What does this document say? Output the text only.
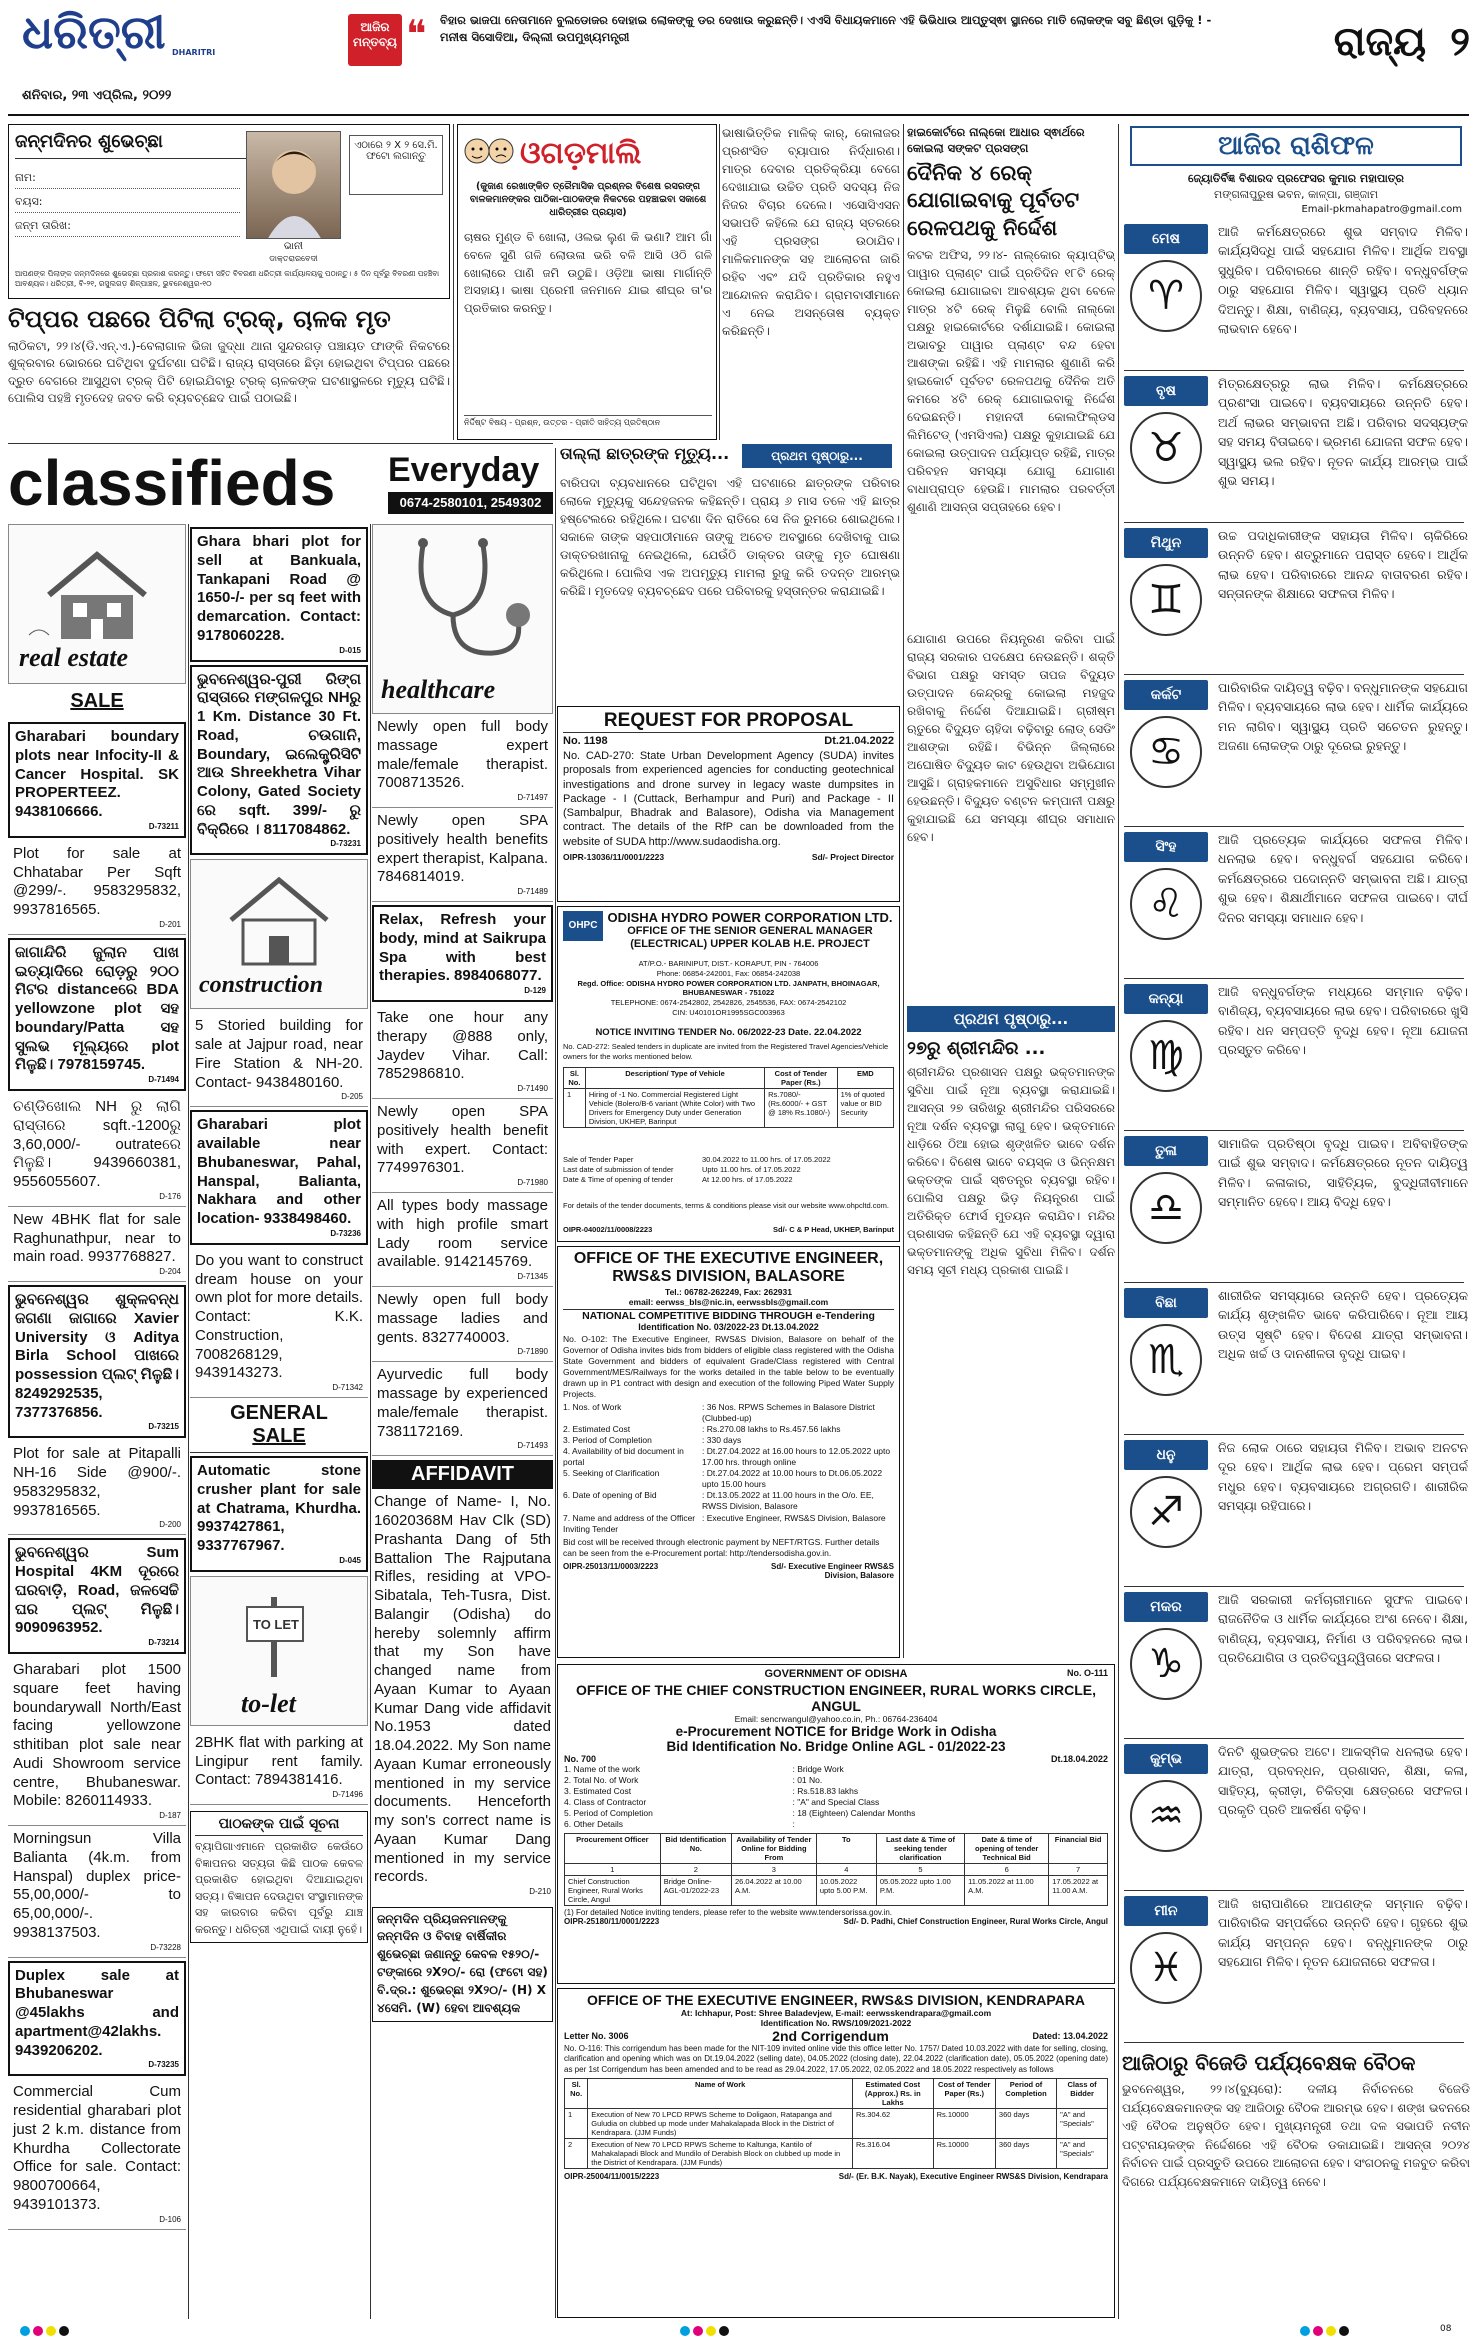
ଧରିତ୍ରୀ DHARITRI
ଶନିବାର, ୨୩ ଏପ୍ରିଲ, ୨୦୨୨
ଆଜିର
ମନ୍ତବ୍ୟ ❝	ବିହାର ଭାଜପା ନେତାମାନେ ବୁଲଡୋଜର ଦୋହାଇ ଲୋକଙ୍କୁ ଡର ଦେଖାଉ କରୁଛନ୍ତି। ଏଏସି ବିଧାୟକମାନେ ଏହି ଭିଭିଧାଉ ଆପ୍ତୁସ୍ଵା ସ୍ଥାନରେ ମାତି ଲୋକଙ୍କ ସବୁ ଛିଣ୍ଡା ଗୁଡ଼ିକୁ ! - ମନୀଷ ସିସୋଦିଆ, ଦିଲ୍ଲୀ ଉପମୁଖ୍ୟମନ୍ତ୍ରୀ	ରାଜ୍ୟ ୨
ଜନ୍ମଦିନର ଶୁଭେଚ୍ଛା
ନାମ:
ବୟସ:
ଜନ୍ମ ତାରିଖ:
ଭାନୀ
ଡାକ୍ତରାରବେଦୀ
ଏଠାରେ ୨ X ୨ ସେ.ମି. ଫଟୋ ଲଗାନ୍ତୁ
ଆପଣଙ୍କ ପିଲାଙ୍କ ଜନ୍ମଦିନରେ ଶୁଭେଚ୍ଛା ପ୍ରକାଶ କରନ୍ତୁ। ଫଟୋ ସହିତ ବିବରଣୀ ଧରିତ୍ରୀ କାର୍ଯ୍ୟାଳୟକୁ ପଠାନ୍ତୁ। ୫ ଦିନ ପୂର୍ବରୁ ବିବରଣୀ ପହଞ୍ଚିବା ଆବଶ୍ୟକ। ଧରିତ୍ରୀ, ବି-୨୧, ରସୁଲଗଡ଼ ଶିଳ୍ପାଞ୍ଚଳ, ଭୁବନେଶ୍ୱର-୧୦
ଟିପ୍ପର ପଛରେ ପିଟିଲା ଟ୍ରକ୍, ଚାଳକ ମୃତ
ଲାଠିକଟା, ୨୨।୪(ଡି.ଏନ୍.ଏ.)-ବେଲାଗାଳ ଭିଜା ଜୁଦ୍ଧା ଥାନା ସୁନ୍ଦରଗଡ଼ ପଞ୍ଚାୟତ ଫାଙ୍କି ନିକଟରେ ଶୁକ୍ରବାର ଭୋରରେ ଘଟିଥିବା ଦୁର୍ଘଟଣା ଘଟିଛି। ରାଜ୍ୟ ରାସ୍ତାରେ ଛିଡ଼ା ହୋଇଥିବା ଟିପ୍ପର ପଛରେ ଦ୍ରୁତ ବେଗରେ ଆସୁଥିବା ଟ୍ରକ୍ ପିଟି ହୋଇଯିବାରୁ ଟ୍ରକ୍ ଚାଳକଙ୍କ ଘଟଣାସ୍ଥଳରେ ମୃତ୍ୟୁ ଘଟିଛି। ପୋଲିସ ପହଞ୍ଚି ମୃତଦେହ ଜବତ କରି ବ୍ୟବଚ୍ଛେଦ ପାଇଁ ପଠାଇଛି।
ଓଗଡ଼ମାଲି
(କୁଜାଣ ରେଖାଙ୍କିତ ତ୍ରୈମାସିକ ପ୍ରଶ୍ନର ବିଶେଷ ରସରଙ୍ଗ ବାଳକମାନଙ୍କର ପାଠିକା-ପାଠକଙ୍କ ନିକଟରେ ପହଞ୍ଚାଇବା ସକାଶେ ଧାରିତ୍ରୀର ପ୍ରୟାସ)
ଚାଷର ମୁଣ୍ଡ ବି ଖୋଲା, ଓଲଭ ଲୁଣ କି ଭଣା? ଆମ ଗାଁ ବେଳେ ସୁଣି ଗଳି ଲୋଉଳା ଭରି ବଳି ଆସି ଓଠି ଗଳି ଖୋଲାରେ ପାଣି ଜମି ଉଠୁଛି। ଓଡ଼ିଆ ଭାଷା ମାର୍ଗାନ୍ତି ଅସହାୟ। ଭାଷା ପ୍ରେମୀ ଜନମାନେ ଯାଇ ଶୀଘ୍ର ତା'ର ପ୍ରତିକାର କରନ୍ତୁ।
ନିର୍ଦ୍ଦିଷ୍ଟ ବିଷୟ - ପ୍ରଶ୍ନ, ଉତ୍ତର - ପ୍ରୀତି ସାହିତ୍ୟ ପ୍ରତିଷ୍ଠାନ
ଭାଷାଭିତ୍ତିକ ମାଳିକ୍ କାର୍, କୋଳାଜର ପ୍ରଶଂସିତ ବ୍ୟାପାର ନିର୍ଦ୍ଧାରଣ। ମାତ୍ର ଦେବାର ପ୍ରତିକ୍ରିୟା ବେଗେ ଦେଖାଯାଇ ଉଚ୍ଚିତ ପ୍ରତି ସଦସ୍ୟ ନିଜ ନିଜର ବିଚାର ଦେଲେ। ଏସୋସିଏସନ ସଭାପତି କହିଲେ ଯେ ରାଜ୍ୟ ସ୍ତରରେ ଏହି ପ୍ରସଙ୍ଗ ଉଠାଯିବ। ମାଳିକମାନଙ୍କ ସହ ଆଲୋଚନା ଜାରି ରହିବ ଏବଂ ଯଦି ପ୍ରତିକାର ନହୁଏ ଆନ୍ଦୋଳନ କରାଯିବ। ଗ୍ରାମବାସୀମାନେ ଏ ନେଇ ଅସନ୍ତୋଷ ବ୍ୟକ୍ତ କରିଛନ୍ତି।
ହାଇକୋର୍ଟରେ ନାଲ୍କୋ ଆଧାର ସ୍ଵାର୍ଥରେ କୋଇଲା ସଙ୍କଟ ପ୍ରସଙ୍ଗ
ଦୈନିକ ୪ ରେକ୍ ଯୋଗାଇବାକୁ ପୂର୍ବତଟ ରେଳପଥକୁ ନିର୍ଦ୍ଦେଶ
କଟକ ଅଫିସ, ୨୨।୪- ନାଲ୍କୋର କ୍ୟାପ୍ଟିଭ୍ ପାୱାର ପ୍ଲାଣ୍ଟ ପାଇଁ ପ୍ରତିଦିନ ୧୮ଟି ରେକ୍ କୋଇଲା ଯୋଗାଇବା ଆବଶ୍ୟକ ଥିବା ବେଳେ ମାତ୍ର ୪ଟି ରେକ୍ ମିଳୁଛି ବୋଲି ନାଲ୍କୋ ପକ୍ଷରୁ ହାଇକୋର୍ଟରେ ଦର୍ଶାଯାଇଛି। କୋଇଲା ଅଭାବରୁ ପାୱାର ପ୍ଲାଣ୍ଟ ବନ୍ଦ ହେବା ଆଶଙ୍କା ରହିଛି। ଏହି ମାମଲାର ଶୁଣାଣି କରି ହାଇକୋର୍ଟ ପୂର୍ବତଟ ରେଳପଥକୁ ଦୈନିକ ଅତି କମରେ ୪ଟି ରେକ୍ ଯୋଗାଇବାକୁ ନିର୍ଦ୍ଦେଶ ଦେଇଛନ୍ତି। ମହାନଦୀ କୋଲଫିଲ୍ଡସ ଲିମିଟେଡ୍ (ଏମସିଏଲ) ପକ୍ଷରୁ କୁହାଯାଇଛି ଯେ କୋଇଲା ଉତ୍ପାଦନ ପର୍ଯ୍ୟାପ୍ତ ରହିଛି, ମାତ୍ର ପରିବହନ ସମସ୍ୟା ଯୋଗୁ ଯୋଗାଣ ବାଧାପ୍ରାପ୍ତ ହେଉଛି। ମାମଲାର ପରବର୍ତ୍ତୀ ଶୁଣାଣି ଆସନ୍ତା ସପ୍ତାହରେ ହେବ।
ତାଲ୍ଲା ଛାତ୍ରଙ୍କ ମୃତ୍ୟୁ...	ପ୍ରଥମ ପୃଷ୍ଠାରୁ...
ବାରିପଦା ବ୍ୟବଧାନରେ ଘଟିଥିବା ଏହି ଘଟଣାରେ ଛାତ୍ରଙ୍କ ପରିବାର ଲୋକେ ମୃତ୍ୟୁକୁ ସନ୍ଦେହଜନକ କହିଛନ୍ତି। ପ୍ରାୟ ୬ ମାସ ତଳେ ଏହି ଛାତ୍ର ହଷ୍ଟେଲରେ ରହିଥିଲେ। ଘଟଣା ଦିନ ରାତିରେ ସେ ନିଜ ରୁମରେ ଶୋଇଥିଲେ। ସକାଳେ ତାଙ୍କ ସହପାଠୀମାନେ ତାଙ୍କୁ ଅଚେତ ଅବସ୍ଥାରେ ଦେଖିବାକୁ ପାଇ ଡାକ୍ତରଖାନାକୁ ନେଇଥିଲେ, ଯେଉଁଠି ଡାକ୍ତର ତାଙ୍କୁ ମୃତ ଘୋଷଣା କରିଥିଲେ। ପୋଲିସ ଏକ ଅପମୃତ୍ୟୁ ମାମଲା ରୁଜୁ କରି ତଦନ୍ତ ଆରମ୍ଭ କରିଛି। ମୃତଦେହ ବ୍ୟବଚ୍ଛେଦ ପରେ ପରିବାରକୁ ହସ୍ତାନ୍ତର କରାଯାଇଛି।
classifieds	Everyday
0674-2580101, 2549302
real estate
SALE

Gharabari boundary plots near Infocity-II & Cancer Hospital. SK PROPERTEEZ. 9438106666.

D-73211

Plot for sale at Chhatabar Per Sqft @299/-. 9583295832, 9937816565.

D-201

ଜାଗାନ୍ଦିରି ଜୁଲାନ ପାଖ ଇତ୍ୟାଦିରେ ରୋଡ଼ରୁ ୨୦୦ ମିଟର distanceରେ BDA yellowzone plot ସହ boundary/Patta ସହ ସୁଲଭ ମୂଲ୍ୟରେ plot ମିଳୁଛି। 7978159745.

D-71494

ଚଣ୍ଡିଖୋଲ NH ରୁ ଲାଗି ରାସ୍ତାରେ sqft.-1200ରୁ 3,60,000/- outrateରେ ମିଳୁଛି। 9439660381, 9556055607.

D-176

New 4BHK flat for sale Raghunathpur, near to main road. 9937768827.

D-204

ଭୁବନେଶ୍ୱର ଶୁକ୍ଳବନ୍ଧ ଜଗଣା ଜାଗାରେ Xavier University ଓ Aditya Birla School ପାଖରେ possession ପ୍ଲଟ୍ ମିଳୁଛି। 8249292535, 7377376856.

D-73215

Plot for sale at Pitapalli NH-16 Side @900/-. 9583295832, 9937816565.

D-200

ଭୁବନେଶ୍ୱର Sum Hospital 4KM ଦୂରରେ ଘରବାଡ଼ି, Road, ଜଳସେଚ୍ଚି ଘର ପ୍ଲଟ୍ ମିଳୁଛି। 9090963952.

D-73214

Gharabari plot 1500 square feet having boundarywall North/East facing yellowzone sthitiban plot sale near Audi Showroom service centre, Bhubaneswar. Mobile: 8260114933.

D-187

Morningsun Villa Balianta (4k.m. from Hanspal) duplex price- 55,00,000/- to 65,00,000/-. 9938137503.

D-73228

Duplex sale at Bhubaneswar @45lakhs and apartment@42lakhs. 9439206202.

D-73235

Commercial Cum residential gharabari plot just 2 k.m. distance from Khurdha Collectorate Office for sale. Contact: 9800700664, 9439101373.

D-106

Ghara bhari plot for sell at Bankuala, Tankapani Road @ 1650-/- per sq feet with demarcation. Contact: 9178060228.

D-015

ଭୁବନେଶ୍ୱର-ପୁରୀ ରିଙ୍ଗ ରାସ୍ତାରେ ମଙ୍ଗଳପୁର NHରୁ 1 Km. Distance 30 Ft. Road, ଚଉଗାନି, Boundary, ଇଲେକ୍ଟ୍ରିସିଟି ଆଉ Shreekhetra Vihar Colony, Gated Society ରେ sqft. 399/- ରୁ ବିକ୍ରିରେ । 8117084862.

D-73231
construction

5 Storied building for sale at Jajpur road, near Fire Station & NH-20. Contact- 9438480160.

D-205

Gharabari plot available near Bhubaneswar, Pahal, Hanspal, Balianta, Nakhara and other location- 9338498460.

D-73236

Do you want to construct dream house on your own plot for more details. Contact: K.K. Construction, 7008268129, 9439143273.

D-71342
GENERAL
SALE

Automatic stone crusher plant for sale at Chatrama, Khurdha. 9937427861, 9337767967.

D-045
TO LET
to-let

2BHK flat with parking at Lingipur rent family. Contact: 7894381416.

D-71496
ପାଠକଙ୍କ ପାଇଁ ସୂଚନା
ବ୍ୟାପିଗାଏମାନେ ପ୍ରକାଶିତ କେଉଁଠେ ବିଜ୍ଞାପନର ସତ୍ୟତା କିଛି ପାଠକ କେବଳ ପ୍ରକାଶିତ ହୋଇଥିବା ଦିଆଯାଇଥିବା ସତ୍ୟ। ବିଜ୍ଞାପନ ଦେଉଥିବା ସଂସ୍ଥାମାନଙ୍କ ସହ କାରବାର କରିବା ପୂର୍ବରୁ ଯାଞ୍ଚ କରନ୍ତୁ। ଧରିତ୍ରୀ ଏଥିପାଇଁ ଦାୟୀ ନୁହେଁ।
healthcare

Newly open full body massage expert male/female therapist. 7008713526.

D-71497

Newly open SPA positively health benefits expert therapist, Kalpana. 7846814019.

D-71489

Relax, Refresh your body, mind at Saikrupa Spa with best therapies. 8984068077.

D-129

Take one hour any therapy @888 only, Jaydev Vihar. Call: 7852986810.

D-71490

Newly open SPA positively health benefit with expert. Contact: 7749976301.

D-71980

All types body massage with high profile smart Lady room service available. 9142145769.

D-71345

Newly open full body massage ladies and gents. 8327740003.

D-71890

Ayurvedic full body massage by experienced male/female therapist. 7381172169.

D-71493
AFFIDAVIT

Change of Name- I, No. 16020368M Hav Clk (SD) Prashanta Dang of 5th Battalion The Rajputana Rifles, residing at VPO-Sibatala, Teh-Tusra, Dist. Balangir (Odisha) do hereby solemnly affirm that my Son have changed name from Ayaan Kumar to Ayaan Kumar Dang vide affidavit No.1953 dated 18.04.2022. My Son name Ayaan Kumar erroneously mentioned in my service documents. Henceforth my son's correct name is Ayaan Kumar Dang mentioned in my service records.

D-210
ଜନ୍ମଦିନ ପ୍ରିୟଜନମାନଙ୍କୁ
ଜନ୍ମଦିନ ଓ ବିବାହ ବାର୍ଷିକୀର ଶୁଭେଚ୍ଛା ଜଣାନ୍ତୁ କେବଳ ୧୫୨୦/- ଟଙ୍କାରେ ୨X୨୦/- ରୋ (ଫଟୋ ସହ) ବି.ଦ୍ର.: ଶୁଭେଚ୍ଛା ୨X୨୦/- (H) X ୪ସେମି. (W) ହେବା ଆବଶ୍ୟକ
REQUEST FOR PROPOSAL
No. 1198	Dt.21.04.2022
No. CAD-270: State Urban Development Agency (SUDA) invites proposals from experienced agencies for conducting geotechnical investigations and drone survey in legacy waste dumpsites in Package - I (Cuttack, Berhampur and Puri) and Package - II (Sambalpur, Bhadrak and Balasore), Odisha via Management contract. The details of the RfP can be downloaded from the website of SUDA http://www.sudaodisha.org.
OIPR-13036/11/0001/2223	Sd/- Project Director
OHPC
ODISHA HYDRO POWER CORPORATION LTD.
OFFICE OF THE SENIOR GENERAL MANAGER (ELECTRICAL) UPPER KOLAB H.E. PROJECT
AT/P.O.- BARINIPUT, DIST.- KORAPUT, PIN - 764006
Phone: 06854-242001, Fax: 06854-242038
Regd. Office: ODISHA HYDRO POWER CORPORATION LTD. JANPATH, BHOINAGAR, BHUBANESWAR - 751022
TELEPHONE: 0674-2542802, 2542826, 2545536, FAX: 0674-2542102
CIN: U40101OR1995SGC003963
NOTICE INVITING TENDER No. 06/2022-23 Date. 22.04.2022
No. CAD-272: Sealed tenders in duplicate are invited from the Registered Travel Agencies/Vehicle owners for the works mentioned below.
Sl. No.	Description/ Type of Vehicle	Cost of Tender Paper (Rs.)	EMD
1	Hiring of -1 No. Commercial Registered Light Vehicle (Bolero/B-6 variant (White Color) with Two Drivers for Emergency Duty under Generation Division, UKHEP, Barinput	Rs.7080/- (Rs.6000/- + GST @ 18% Rs.1080/-)	1% of quoted value or BID Security
Sale of Tender Paper	30.04.2022 to 11.00 hrs. of 17.05.2022
Last date of submission of tender	Upto 11.00 hrs. of 17.05.2022
Date & Time of opening of tender	At 12.00 hrs. of 17.05.2022
For details of the tender documents, terms & conditions please visit our website www.ohpcltd.com.
OIPR-04002/11/0008/2223	Sd/- C & P Head, UKHEP, Barinput
OFFICE OF THE EXECUTIVE ENGINEER, RWS&S DIVISION, BALASORE
Tel.: 06782-262249, Fax: 262931
email: eerwss_bls@nic.in, eerwssbls@gmail.com
NATIONAL COMPETITIVE BIDDING THROUGH e-Tendering
Identification No. 03/2022-23 Dt.13.04.2022
No. O-102: The Executive Engineer, RWS&S Division, Balasore on behalf of the Governor of Odisha invites bids from bidders of eligible class registered with the Odisha State Government and bidders of equivalent Grade/Class registered with Central Government/MES/Railways for the works detailed in the table below to be eventually drawn up in P1 contract with design and execution of the following Piped Water Supply Projects.
1. Nos. of Work	: 36 Nos. RPWS Schemes in Balasore District (Clubbed-up)
2. Estimated Cost	: Rs.270.08 lakhs to Rs.457.56 lakhs
3. Period of Completion	: 330 days
4. Availability of bid document in portal
: Dt.27.04.2022 at 16.00 hours to 12.05.2022 upto 17.00 hrs. through online
5. Seeking of Clarification	: Dt.27.04.2022 at 10.00 hours to Dt.06.05.2022 upto 15.00 hours
6. Date of opening of Bid	: Dt.13.05.2022 at 11.00 hours in the O/o. EE, RWSS Division, Balasore
7. Name and address of the Officer Inviting Tender
: Executive Engineer, RWS&S Division, Balasore
Bid cost will be received through electronic payment by NEFT/RTGS. Further details can be seen from the e-Procurement portal: http://tendersodisha.gov.in.
OIPR-25013/11/0003/2223	Sd/- Executive Engineer RWS&S Division, Balasore
ଯୋଗାଣ ଉପରେ ନିୟନ୍ତ୍ରଣ କରିବା ପାଇଁ ରାଜ୍ୟ ସରକାର ପଦକ୍ଷେପ ନେଉଛନ୍ତି। ଶକ୍ତି ବିଭାଗ ପକ୍ଷରୁ ସମସ୍ତ ତାପଜ ବିଦ୍ୟୁତ ଉତ୍ପାଦନ କେନ୍ଦ୍ରକୁ କୋଇଲା ମହଜୁଦ ରଖିବାକୁ ନିର୍ଦ୍ଦେଶ ଦିଆଯାଇଛି। ଗ୍ରୀଷ୍ମ ଋତୁରେ ବିଦ୍ୟୁତ ଚାହିଦା ବଢ଼ିବାରୁ ଲୋଡ୍ ସେଡିଂ ଆଶଙ୍କା ରହିଛି। ବିଭିନ୍ନ ଜିଲ୍ଲାରେ ଅଘୋଷିତ ବିଦ୍ୟୁତ କାଟ ହେଉଥିବା ଅଭିଯୋଗ ଆସୁଛି। ଗ୍ରାହକମାନେ ଅସୁବିଧାର ସମ୍ମୁଖୀନ ହେଉଛନ୍ତି। ବିଦ୍ୟୁତ ବଣ୍ଟନ କମ୍ପାନୀ ପକ୍ଷରୁ କୁହାଯାଇଛି ଯେ ସମସ୍ୟା ଶୀଘ୍ର ସମାଧାନ ହେବ।
ପ୍ରଥମ ପୃଷ୍ଠାରୁ...
୨୭ରୁ ଶ୍ରୀମନ୍ଦିର ...
ଶ୍ରୀମନ୍ଦିର ପ୍ରଶାସନ ପକ୍ଷରୁ ଭକ୍ତମାନଙ୍କ ସୁବିଧା ପାଇଁ ନୂଆ ବ୍ୟବସ୍ଥା କରାଯାଇଛି। ଆସନ୍ତା ୨୭ ତାରିଖରୁ ଶ୍ରୀମନ୍ଦିର ପରିସରରେ ନୂଆ ଦର୍ଶନ ବ୍ୟବସ୍ଥା ଲାଗୁ ହେବ। ଭକ୍ତମାନେ ଧାଡ଼ିରେ ଠିଆ ହୋଇ ଶୃଙ୍ଖଳିତ ଭାବେ ଦର୍ଶନ କରିବେ। ବିଶେଷ ଭାବେ ବୟସ୍କ ଓ ଭିନ୍ନକ୍ଷମ ଭକ୍ତଙ୍କ ପାଇଁ ସ୍ଵତନ୍ତ୍ର ବ୍ୟବସ୍ଥା ରହିବ। ପୋଲିସ ପକ୍ଷରୁ ଭିଡ଼ ନିୟନ୍ତ୍ରଣ ପାଇଁ ଅତିରିକ୍ତ ଫୋର୍ସ ମୁତୟନ କରାଯିବ। ମନ୍ଦିର ପ୍ରଶାସକ କହିଛନ୍ତି ଯେ ଏହି ବ୍ୟବସ୍ଥା ଦ୍ୱାରା ଭକ୍ତମାନଙ୍କୁ ଅଧିକ ସୁବିଧା ମିଳିବ। ଦର୍ଶନ ସମୟ ସୂଚୀ ମଧ୍ୟ ପ୍ରକାଶ ପାଇଛି।
GOVERNMENT OF ODISHA	No. O-111
OFFICE OF THE CHIEF CONSTRUCTION ENGINEER, RURAL WORKS CIRCLE, ANGUL
Email: sencrwangul@yahoo.co.in, Ph.: 06764-236404
e-Procurement NOTICE for Bridge Work in Odisha
Bid Identification No. Bridge Online AGL - 01/2022-23
No. 700	Dt.18.04.2022
1. Name of the work	: Bridge Work
2. Total No. of Work	: 01 No.
3. Estimated Cost	: Rs.518.83 lakhs
4. Class of Contractor	: "A" and Special Class
5. Period of Completion	: 18 (Eighteen) Calendar Months
6. Other Details	:
Procurement Officer	Bid Identification No.	Availability of Tender Online for Bidding From	To	Last date & Time of seeking tender clarification	Date & time of opening of tender Technical Bid	Financial Bid
1	2	3	4	5	6	7
Chief Construction Engineer, Rural Works Circle, Angul	Bridge Online-AGL-01/2022-23	26.04.2022 at 10.00 A.M.	10.05.2022 upto 5.00 P.M.	05.05.2022 upto 1.00 P.M.	11.05.2022 at 11.00 A.M.	17.05.2022 at 11.00 A.M.
(1) For detailed Notice inviting tenders, please refer to the website www.tendersorissa.gov.in.
OIPR-25180/11/0001/2223	Sd/- D. Padhi, Chief Construction Engineer, Rural Works Circle, Angul
OFFICE OF THE EXECUTIVE ENGINEER, RWS&S DIVISION, KENDRAPARA
At: Ichhapur, Post: Shree Baladevjew, E-mail: eerwsskendrapara@gmail.com
Identification No. RWS/109/2021-2022
Letter No. 3006	2nd Corrigendum	Dated: 13.04.2022
No. O-116: This corrigendum has been made for the NIT-109 invited online vide this office letter No. 1757/ Dated 10.03.2022 with date for selling, closing, clarification and opening which was on Dt.19.04.2022 (selling date), 04.05.2022 (closing date), 22.04.2022 (clarification date), 05.05.2022 (opening date) as per 1st Corrigendum has been amended and to be read as 29.04.2022, 17.05.2022, 02.05.2022 and 18.05.2022 respectively as follows
Sl. No.	Name of Work	Estimated Cost (Approx.) Rs. in Lakhs	Cost of Tender Paper (Rs.)	Period of Completion	Class of Bidder
1	Execution of New 70 LPCD RPWS Scheme to Doligaon, Ratapanga and Guludia on clubbed up mode under Mahakalapada Block in the District of Kendrapara. (JJM Funds)	Rs.304.62	Rs.10000	360 days	"A" and "Specials"
2	Execution of New 70 LPCD RPWS Scheme to Kaltunga, Kantilo of Mahakalapadi Block and Mundilo of Derabish Block on clubbed up mode in the District of Kendrapara. (JJM Funds)	Rs.316.04	Rs.10000	360 days	"A" and "Specials"
OIPR-25004/11/0015/2223	Sd/- (Er. B.K. Nayak), Executive Engineer RWS&S Division, Kendrapara
ଆଜିର ରାଶିଫଳ
ଜ୍ୟୋତିର୍ବିଜ୍ଞ ବିଶାରଦ ପ୍ରଫେସର କୁମାର ମହାପାତ୍ର
ମଙ୍ଗଳାପୁରୁଷ ଭବନ, କାଳ୍ପା, ଗଞ୍ଜାମ
Email-pkmahapatro@gmail.com
ମେଷ
♈
ଆଜି କର୍ମକ୍ଷେତ୍ରରେ ଶୁଭ ସମ୍ବାଦ ମିଳିବ। କାର୍ଯ୍ୟସିଦ୍ଧି ପାଇଁ ସହଯୋଗ ମିଳିବ। ଆର୍ଥିକ ଅବସ୍ଥା ସୁଧୁରିବ। ପରିବାରରେ ଶାନ୍ତି ରହିବ। ବନ୍ଧୁବର୍ଗଙ୍କ ଠାରୁ ସହଯୋଗ ମିଳିବ। ସ୍ୱାସ୍ଥ୍ୟ ପ୍ରତି ଧ୍ୟାନ ଦିଅନ୍ତୁ। ଶିକ୍ଷା, ବାଣିଜ୍ୟ, ବ୍ୟବସାୟ, ପରିବହନରେ ଲାଭବାନ ହେବେ।
ବୃଷ
♉
ମିତ୍ରକ୍ଷେତ୍ରରୁ ଲାଭ ମିଳିବ। କର୍ମକ୍ଷେତ୍ରରେ ପ୍ରଶଂସା ପାଇବେ। ବ୍ୟବସାୟରେ ଉନ୍ନତି ହେବ। ଅର୍ଥ ଲାଭର ସମ୍ଭାବନା ଅଛି। ପରିବାର ସଦସ୍ୟଙ୍କ ସହ ସମୟ ବିତାଇବେ। ଭ୍ରମଣ ଯୋଜନା ସଫଳ ହେବ। ସ୍ୱାସ୍ଥ୍ୟ ଭଲ ରହିବ। ନୂତନ କାର୍ଯ୍ୟ ଆରମ୍ଭ ପାଇଁ ଶୁଭ ସମୟ।
ମିଥୁନ
♊
ଉଚ୍ଚ ପଦାଧିକାରୀଙ୍କ ସହାୟତା ମିଳିବ। ଚାକିରିରେ ଉନ୍ନତି ହେବ। ଶତ୍ରୁମାନେ ପରାସ୍ତ ହେବେ। ଆର୍ଥିକ ଲାଭ ହେବ। ପରିବାରରେ ଆନନ୍ଦ ବାତାବରଣ ରହିବ। ସନ୍ତାନଙ୍କ ଶିକ୍ଷାରେ ସଫଳତା ମିଳିବ।
କର୍କଟ
♋
ପାରିବାରିକ ଦାୟିତ୍ୱ ବଢ଼ିବ। ବନ୍ଧୁମାନଙ୍କ ସହଯୋଗ ମିଳିବ। ବ୍ୟବସାୟରେ ଲାଭ ହେବ। ଧାର୍ମିକ କାର୍ଯ୍ୟରେ ମନ ଲାଗିବ। ସ୍ୱାସ୍ଥ୍ୟ ପ୍ରତି ସଚେତନ ରୁହନ୍ତୁ। ଅଜଣା ଲୋକଙ୍କ ଠାରୁ ଦୂରେଇ ରୁହନ୍ତୁ।
ସିଂହ
♌
ଆଜି ପ୍ରତ୍ୟେକ କାର୍ଯ୍ୟରେ ସଫଳତା ମିଳିବ। ଧନଲାଭ ହେବ। ବନ୍ଧୁବର୍ଗ ସହଯୋଗ କରିବେ। କର୍ମକ୍ଷେତ୍ରରେ ପଦୋନ୍ନତି ସମ୍ଭାବନା ଅଛି। ଯାତ୍ରା ଶୁଭ ହେବ। ଶିକ୍ଷାର୍ଥୀମାନେ ସଫଳତା ପାଇବେ। ଦୀର୍ଘ ଦିନର ସମସ୍ୟା ସମାଧାନ ହେବ।
କନ୍ୟା
♍
ଆଜି ବନ୍ଧୁବର୍ଗଙ୍କ ମଧ୍ୟରେ ସମ୍ମାନ ବଢ଼ିବ। ବାଣିଜ୍ୟ, ବ୍ୟବସାୟରେ ଲାଭ ହେବ। ପରିବାରରେ ଖୁସି ରହିବ। ଧନ ସମ୍ପତ୍ତି ବୃଦ୍ଧି ହେବ। ନୂଆ ଯୋଜନା ପ୍ରସ୍ତୁତ କରିବେ।
ତୁଳା
♎
ସାମାଜିକ ପ୍ରତିଷ୍ଠା ବୃଦ୍ଧି ପାଇବ। ଅବିବାହିତଙ୍କ ପାଇଁ ଶୁଭ ସମ୍ବାଦ। କର୍ମକ୍ଷେତ୍ରରେ ନୂତନ ଦାୟିତ୍ୱ ମିଳିବ। କଳାକାର, ସାହିତ୍ୟିକ, ବୁଦ୍ଧିଜୀବୀମାନେ ସମ୍ମାନିତ ହେବେ। ଆୟ ବିଦ୍ଧି ହେବ।
ବିଛା
♏
ଶାରୀରିକ ସମସ୍ୟାରେ ଉନ୍ନତି ହେବ। ପ୍ରତ୍ୟେକ କାର୍ଯ୍ୟ ଶୃଙ୍ଖଳିତ ଭାବେ କରିପାରିବେ। ନୂଆ ଆୟ ଉତ୍ସ ସୃଷ୍ଟି ହେବ। ବିଦେଶ ଯାତ୍ରା ସମ୍ଭାବନା। ଅଧିକ ଖର୍ଚ୍ଚ ଓ ଦାନଶୀଳତା ବୃଦ୍ଧି ପାଇବ।
ଧନୁ
♐
ନିଜ ଲୋକ ଠାରେ ସହାୟତା ମିଳିବ। ଅଭାବ ଅନଟନ ଦୂର ହେବ। ଆର୍ଥିକ ଲାଭ ହେବ। ପ୍ରେମ ସମ୍ପର୍କ ମଧୁର ହେବ। ବ୍ୟବସାୟରେ ଅଗ୍ରଗତି। ଶାରୀରିକ ସମସ୍ୟା ରହିପାରେ।
ମକର
♑
ଆଜି ସରକାରୀ କର୍ମଚାରୀମାନେ ସୁଫଳ ପାଇବେ। ରାଜନୈତିକ ଓ ଧାର୍ମିକ କାର୍ଯ୍ୟରେ ଅଂଶ ନେବେ। ଶିକ୍ଷା, ବାଣିଜ୍ୟ, ବ୍ୟବସାୟ, ନିର୍ମାଣ ଓ ପରିବହନରେ ଲାଭ। ପ୍ରତିଯୋଗିତା ଓ ପ୍ରତିଦ୍ୱନ୍ଦ୍ୱିତାରେ ସଫଳତା।
କୁମ୍ଭ
♒
ଦିନଟି ଶୁଭଙ୍କର ଅଟେ। ଆକସ୍ମିକ ଧନଲାଭ ହେବ। ଯାତ୍ରା, ପ୍ରବନ୍ଧନ, ପ୍ରଶାସନ, ଶିକ୍ଷା, କଳା, ସାହିତ୍ୟ, କ୍ରୀଡ଼ା, ଚିକିତ୍ସା କ୍ଷେତ୍ରରେ ସଫଳତା। ପ୍ରକୃତି ପ୍ରତି ଆକର୍ଷଣ ବଢ଼ିବ।
ମୀନ
♓
ଆଜି ଖରାପାଣିରେ ଆପଣଙ୍କ ସମ୍ମାନ ବଢ଼ିବ। ପାରିବାରିକ ସମ୍ପର୍କରେ ଉନ୍ନତି ହେବ। ଗୃହରେ ଶୁଭ କାର୍ଯ୍ୟ ସମ୍ପନ୍ନ ହେବ। ବନ୍ଧୁମାନଙ୍କ ଠାରୁ ସହଯୋଗ ମିଳିବ। ନୂତନ ଯୋଜନାରେ ସଫଳତା।
ଆଜିଠାରୁ ବିଜେଡି ପର୍ଯ୍ୟବେକ୍ଷକ ବୈଠକ
ଭୁବନେଶ୍ୱର, ୨୨।୪(ବ୍ୟୁରୋ): ଦଳୀୟ ନିର୍ବାଚନରେ ବିଜେଡି ପର୍ଯ୍ୟବେକ୍ଷକମାନଙ୍କ ସହ ଆଜିଠାରୁ ବୈଠକ ଆରମ୍ଭ ହେବ। ଶଙ୍ଖ ଭବନରେ ଏହି ବୈଠକ ଅନୁଷ୍ଠିତ ହେବ। ମୁଖ୍ୟମନ୍ତ୍ରୀ ତଥା ଦଳ ସଭାପତି ନବୀନ ପଟ୍ଟନାୟକଙ୍କ ନିର୍ଦ୍ଦେଶରେ ଏହି ବୈଠକ ଡକାଯାଇଛି। ଆସନ୍ତା ୨୦୨୪ ନିର୍ବାଚନ ପାଇଁ ପ୍ରସ୍ତୁତି ଉପରେ ଆଲୋଚନା ହେବ। ସଂଗଠନକୁ ମଜବୁତ କରିବା ଦିଗରେ ପର୍ଯ୍ୟବେକ୍ଷକମାନେ ଦାୟିତ୍ୱ ନେବେ।
08
